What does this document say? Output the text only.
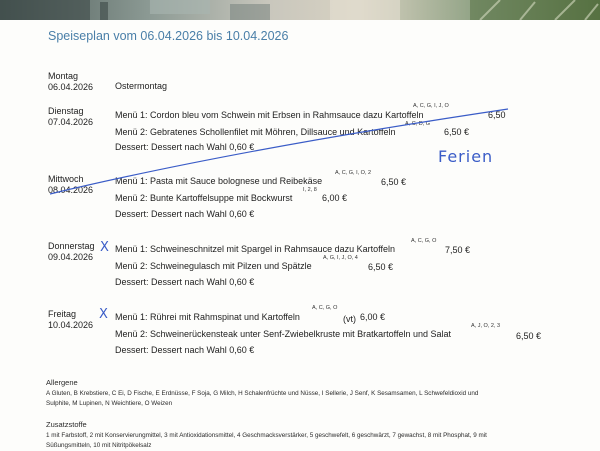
Speiseplan vom 06.04.2026 bis 10.04.2026
Montag
06.04.2026 Ostermontag
Dienstag
07.04.2026
Menü 1: Cordon bleu vom Schwein mit Erbsen in Rahmsauce dazu Kartoffeln
A, C, G, I, J, O
6,50
Menü 2: Gebratenes Schollenfilet mit Möhren, Dillsauce und Kartoffeln
A, C, D, G
6,50 €
Dessert: Dessert nach Wahl 0,60 €
Mittwoch
08.04.2026
Menü 1: Pasta mit Sauce bolognese und Reibekäse
A, C, G, I, O, 2
6,50 €
Menü 2: Bunte Kartoffelsuppe mit Bockwurst
I, 2, 8
6,00 €
Dessert: Dessert nach Wahl 0,60 €
Donnerstag
09.04.2026
Menü 1: Schweineschnitzel mit Spargel in Rahmsauce dazu Kartoffeln
A, C, G, O
7,50 €
Menü 2: Schweinegulasch mit Pilzen und Spätzle
A, G, I, J, O, 4
6,50 €
Dessert: Dessert nach Wahl 0,60 €
Freitag
10.04.2026
Menü 1: Rührei mit Rahmspinat und Kartoffeln
A, C, G, O
(vt) 6,00 €
Menü 2: Schweinerückensteak unter Senf-Zwiebelkruste mit Bratkartoffeln und Salat
A, J, O, 2, 3
6,50 €
Dessert: Dessert nach Wahl 0,60 €
Ferien
X
X
Allergene
A Gluten, B Krebstiere, C Ei, D Fische, E Erdnüsse, F Soja, G Milch, H Schalenfrüchte und Nüsse, I Sellerie, J Senf, K Sesamsamen, L Schwefeldioxid und
Sulphite, M Lupinen, N Weichtiere, O Weizen
Zusatzstoffe
1 mit Farbstoff, 2 mit Konservierungmittel, 3 mit Antioxidationsmittel, 4 Geschmacksverstärker, 5 geschwefelt, 6 geschwärzt, 7 gewachst, 8 mit Phosphat, 9 mit
Süßungsmitteln, 10 mit Nitritpökelsalz
